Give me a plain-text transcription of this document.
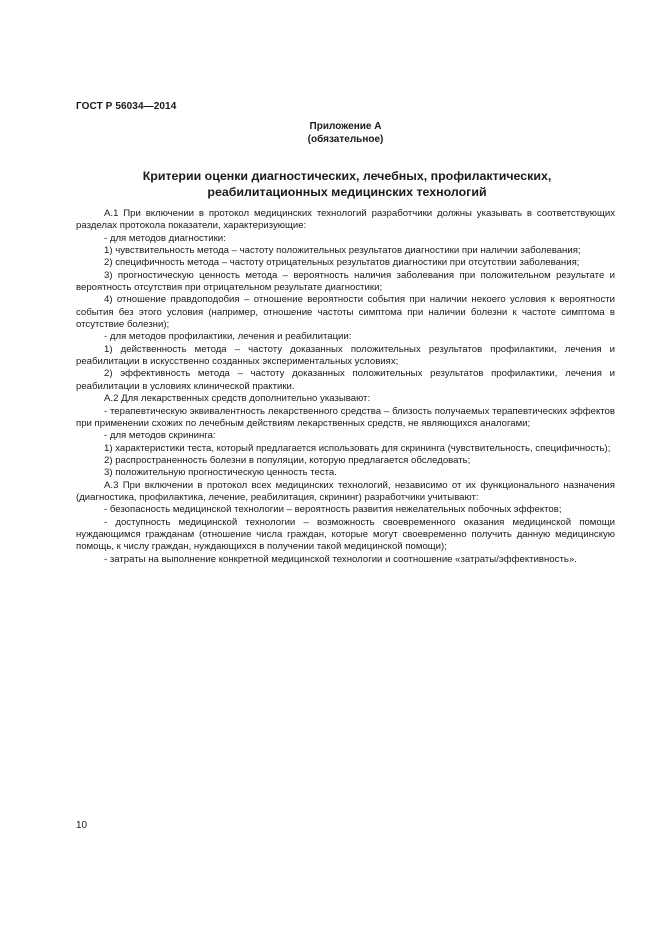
ГОСТ Р 56034—2014
Приложение А
(обязательное)
Критерии оценки диагностических, лечебных, профилактических,
реабилитационных медицинских технологий

А.1 При включении в протокол медицинских технологий разработчики должны указывать в соответствующих разделах протокола показатели, характеризующие:

- для методов диагностики:

1) чувствительность метода – частоту положительных результатов диагностики при наличии заболевания;

2) специфичность метода – частоту отрицательных результатов диагностики при отсутствии заболевания;

3) прогностическую ценность метода – вероятность наличия заболевания при положительном результате и вероятность отсутствия при отрицательном результате диагностики;

4) отношение правдоподобия – отношение вероятности события при наличии некоего условия к вероятности события без этого условия (например, отношение частоты симптома при наличии болезни к частоте симптома в отсутствие болезни);

- для методов профилактики, лечения и реабилитации:

1) действенность метода – частоту доказанных положительных результатов профилактики, лечения и реабилитации в искусственно созданных экспериментальных условиях;

2) эффективность метода – частоту доказанных положительных результатов профилактики, лечения и реабилитации в условиях клинической практики.

А.2 Для лекарственных средств дополнительно указывают:

- терапевтическую эквивалентность лекарственного средства – близость получаемых терапевтических эффектов при применении схожих по лечебным действиям лекарственных средств, не являющихся аналогами;

- для методов скрининга:

1) характеристики теста, который предлагается использовать для скрининга (чувствительность, специфичность);

2) распространенность болезни в популяции, которую предлагается обследовать;

3) положительную прогностическую ценность теста.

А.3 При включении в протокол всех медицинских технологий, независимо от их функционального назначения (диагностика, профилактика, лечение, реабилитация, скрининг) разработчики учитывают:

- безопасность медицинской технологии – вероятность развития нежелательных побочных эффектов;

- доступность медицинской технологии – возможность своевременного оказания медицинской помощи нуждающимся гражданам (отношение числа граждан, которые могут своевременно получить данную медицинскую помощь, к числу граждан, нуждающихся в получении такой медицинской помощи);

- затраты на выполнение конкретной медицинской технологии и соотношение «затраты/эффективность».

10
